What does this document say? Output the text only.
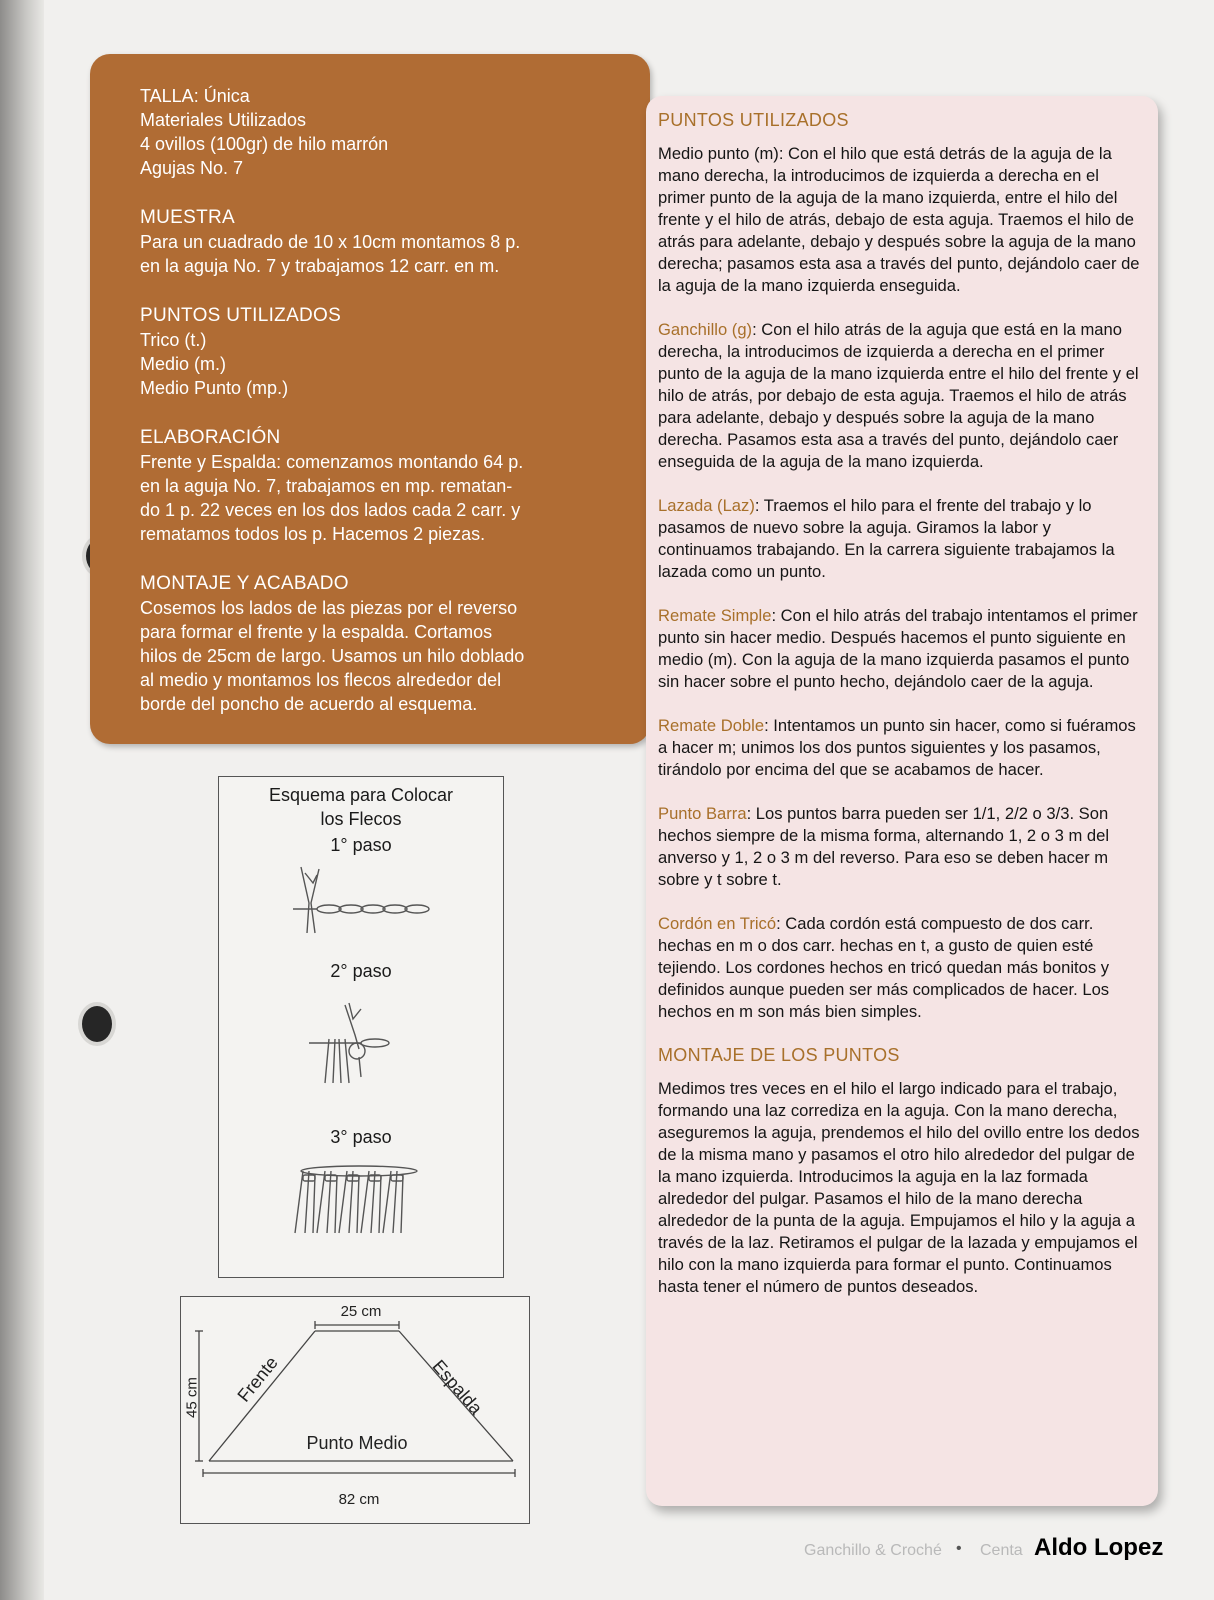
TALLA: Única
Materiales Utilizados
4 ovillos (100gr) de hilo marrón
Agujas No. 7
MUESTRA
Para un cuadrado de 10 x 10cm montamos 8 p.
en la aguja No. 7 y trabajamos 12 carr. en m.
PUNTOS UTILIZADOS
Trico (t.)
Medio (m.)
Medio Punto (mp.)
ELABORACIÓN
Frente y Espalda: comenzamos montando 64 p.
en la aguja No. 7, trabajamos en mp. rematan-
do 1 p. 22 veces en los dos lados cada 2 carr. y
rematamos todos los p. Hacemos 2 piezas.
MONTAJE Y ACABADO
Cosemos los lados de las piezas por el reverso
para formar el frente y la espalda. Cortamos
hilos de 25cm de largo. Usamos un hilo doblado
al medio y montamos los flecos alrededor del
borde del poncho de acuerdo al esquema.
PUNTOS UTILIZADOS

Medio punto (m): Con el hilo que está detrás de la aguja de la mano derecha, la introducimos de izquierda a derecha en el primer punto de la aguja de la mano izquierda, entre el hilo del frente y el hilo de atrás, debajo de esta aguja. Traemos el hilo de atrás para adelante, debajo y después sobre la aguja de la mano derecha; pasamos esta asa a través del punto, dejándolo caer de la aguja de la mano izquierda enseguida.

Ganchillo (g): Con el hilo atrás de la aguja que está en la mano derecha, la introducimos de izquierda a derecha en el primer punto de la aguja de la mano izquierda entre el hilo del frente y el hilo de atrás, por debajo de esta aguja. Traemos el hilo de atrás para adelante, debajo y después sobre la aguja de la mano derecha. Pasamos esta asa a través del punto, dejándolo caer enseguida de la aguja de la mano izquierda.

Lazada (Laz): Traemos el hilo para el frente del trabajo y lo pasamos de nuevo sobre la aguja. Giramos la labor y continuamos trabajando. En la carrera siguiente trabajamos la lazada como un punto.

Remate Simple: Con el hilo atrás del trabajo intentamos el primer punto sin hacer medio. Después hacemos el punto siguiente en medio (m). Con la aguja de la mano izquierda pasamos el punto sin hacer sobre el punto hecho, dejándolo caer de la aguja.

Remate Doble: Intentamos un punto sin hacer, como si fuéramos a hacer m; unimos los dos puntos siguientes y los pasamos, tirándolo por encima del que se acabamos de hacer.

Punto Barra: Los puntos barra pueden ser 1/1, 2/2 o 3/3. Son hechos siempre de la misma forma, alternando 1, 2 o 3 m del anverso y 1, 2 o 3 m del reverso. Para eso se deben hacer m sobre y t sobre t.

Cordón en Tricó: Cada cordón está compuesto de dos carr. hechas en m o dos carr. hechas en t, a gusto de quien esté tejiendo. Los cordones hechos en tricó quedan más bonitos y definidos aunque pueden ser más complicados de hacer. Los hechos en m son más bien simples.

MONTAJE DE LOS PUNTOS

Medimos tres veces en el hilo el largo indicado para el trabajo, formando una laz corrediza en la aguja. Con la mano derecha, aseguremos la aguja, prendemos el hilo del ovillo entre los dedos de la misma mano y pasamos el otro hilo alrededor del pulgar de la mano izquierda. Introducimos la aguja en la laz formada alrededor del pulgar. Pasamos el hilo de la mano derecha alrededor de la punta de la aguja. Empujamos el hilo y la aguja a través de la laz. Retiramos el pulgar de la lazada y empujamos el hilo con la mano izquierda para formar el punto. Continuamos hasta tener el número de puntos deseados.

Esquema para Colocar
los Flecos
1° paso
2° paso
3° paso
25 cm
82 cm
45 cm	Frente	Espalda
Punto Medio
Ganchillo & Croché • Centa Aldo Lopez
